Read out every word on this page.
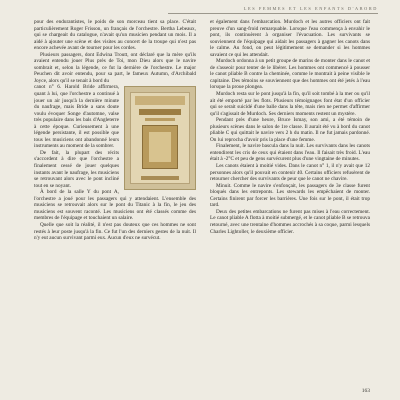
LES FEMMES ET LES ENFANTS D'ABORD

pour des endurantistes, le poids de son morceau tient sa place. C'était particulièrement Roger Frisson, un français de l'orchestre. Bertha Lebeaux, qui se chargeait du catalogue, n'avait qu'un musicien pendant un mois. Il a aidé à ajouter une scène et des visites au concert de la troupe qui n'est pas encore achevée avant de tourner pour les cordes.

Plusieurs passagers, dont Edwina Troutt, ont déclaré que la mère qu'ils avaient entendu jouer Plus près de Toi, mon Dieu alors que le navire sombrait et, selon la légende, ce fut la dernière de l'orchestre. Le major Peuchen dit avoir entendu, pour sa part, le fameux Autumn, d'Archibald Joyce, alors qu'il se tenait à bord du

canot n° 6. Harold Bride affirmera, quant à lui, que l'orchestre a continué à jouer un air jusqu'à la dernière minute du naufrage, mais Bride a sans doute voulu évoquer Songe d'automne, valse très populaire dans les bals d'Angleterre à cette époque. Curieusement à une légende persistante, il est possible que tous les musiciens ont abandonné leurs instruments au moment de la sombrer.

De fait, la plupart des récits s'accordent à dire que l'orchestre a finalement cessé de jouer quelques instants avant le naufrage, les musiciens se retrouvant alors avec le pont incliné tout en se noyant.

À bord de la salle Y du pont A, l'orchestre a joué pour les passagers qui y attendaient. L'ensemble des musiciens se retrouvait alors sur le pont du Titanic à la fin, le jeu des musiciens est souvent raconté. Les musiciens ont été classés comme des membres de l'équipage et touchaient un salaire.

Quelle que soit la réalité, il n'est pas douteux que ces hommes ne sont restés à leur poste jusqu'à la fin. Ce fut l'un des derniers gestes de la nuit. Il n'y eut aucun survivant parmi eux. Aucun d'eux ne survécut.

et également dans l'embarcation. Murdoch et les autres officiers ont fait preuve d'un sang-froid remarquable. Lorsque l'eau commença à envahir le pont, ils continuèrent à organiser l'évacuation. Les survivants se souviennent de l'équipage qui aidait les passagers à gagner les canots dans le calme. Au fond, on peut légitimement se demander si les hommes savaient ce qui les attendait.

Murdoch ordonna à un petit groupe de marins de monter dans le canot et de s'asseoir pour tenter de le libérer. Les hommes ont commencé à pousser le canot pliable B contre la cheminée, comme le montrait à peine visible le capitaine. Des témoins se souviennent que des hommes ont été jetés à l'eau lorsque la proue plongea.

Murdoch resta sur le pont jusqu'à la fin, qu'il soit tombé à la mer ou qu'il ait été emporté par les flots. Plusieurs témoignages font état d'un officier qui se serait suicidé d'une balle dans la tête, mais rien ne permet d'affirmer qu'il s'agissait de Murdoch. Ses derniers moments restent un mystère.

Pendant près d'une heure, Bruce Ismay, son ami, a été témoin de plusieurs scènes dans le salon de 1re classe. Il aurait été vu à bord du canot pliable C qui quittait le navire vers 2 h du matin. Il ne fut jamais pardonné. On lui reprocha d'avoir pris la place d'une femme.

Finalement, le navire bascula dans la nuit. Les survivants dans les canots entendirent les cris de ceux qui étaient dans l'eau. Il faisait très froid. L'eau était à -2°C et peu de gens survécurent plus d'une vingtaine de minutes.

Les canots étaient à moitié vides. Dans le canot n° 1, il n'y avait que 12 personnes alors qu'il pouvait en contenir 40. Certains officiers refusèrent de retourner chercher des survivants de peur que le canot ne chavire.

Minuit. Comme le navire s'enfonçait, les passagers de 3e classe furent bloqués dans les entreponts. Les stewards les empêchaient de monter. Certains finirent par forcer les barrières. Une fois sur le pont, il était trop tard.

Deux des petites embarcations ne furent pas mises à l'eau correctement. Le canot pliable A flotta à moitié submergé, et le canot pliable B se retrouva retourné, avec une trentaine d'hommes accrochés à sa coque, parmi lesquels Charles Lightoller, le deuxième officier.

163
